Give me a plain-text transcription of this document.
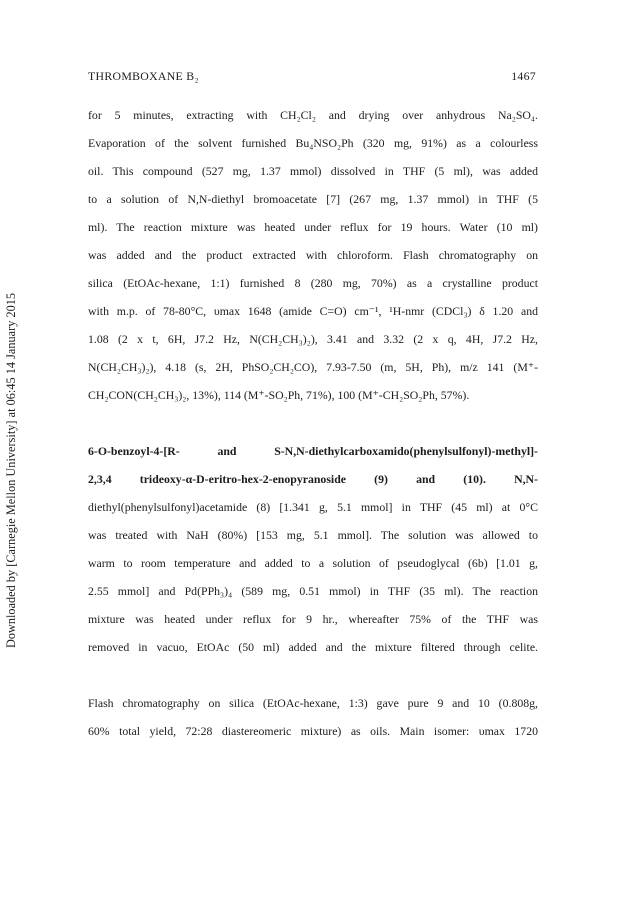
Downloaded by [Carnegie Mellon University] at 06:45 14 January 2015
THROMBOXANE B₂	1467
for 5 minutes, extracting with CH₂Cl₂ and drying over anhydrous Na₂SO₄.
Evaporation of the solvent furnished Bu₄NSO₂Ph (320 mg, 91%) as a colourless
oil. This compound (527 mg, 1.37 mmol) dissolved in THF (5 ml), was added
to a solution of N,N-diethyl bromoacetate [7] (267 mg, 1.37 mmol) in THF (5
ml). The reaction mixture was heated under reflux for 19 hours. Water (10 ml)
was added and the product extracted with chloroform. Flash chromatography on
silica (EtOAc-hexane, 1:1) furnished 8 (280 mg, 70%) as a crystalline product
with m.p. of 78-80°C, υmax 1648 (amide C=O) cm⁻¹, ¹H-nmr (CDCl₃) δ 1.20 and
1.08 (2 x t, 6H, J7.2 Hz, N(CH₂CH₃)₂), 3.41 and 3.32 (2 x q, 4H, J7.2 Hz,
N(CH₂CH₃)₂), 4.18 (s, 2H, PhSO₂CH₂CO), 7.93-7.50 (m, 5H, Ph), m/z 141 (M⁺-
CH₂CON(CH₂CH₃)₂, 13%), 114 (M⁺-SO₂Ph, 71%), 100 (M⁺-CH₂SO₂Ph, 57%).
6-O-benzoyl-4-[R- and S-N,N-diethylcarboxamido(phenylsulfonyl)-methyl]-
2,3,4 trideoxy-α-D-eritro-hex-2-enopyranoside (9) and (10). N,N-
diethyl(phenylsulfonyl)acetamide (8) [1.341 g, 5.1 mmol] in THF (45 ml) at 0°C
was treated with NaH (80%) [153 mg, 5.1 mmol]. The solution was allowed to
warm to room temperature and added to a solution of pseudoglycal (6b) [1.01 g,
2.55 mmol] and Pd(PPh₃)₄ (589 mg, 0.51 mmol) in THF (35 ml). The reaction
mixture was heated under reflux for 9 hr., whereafter 75% of the THF was
removed in vacuo, EtOAc (50 ml) added and the mixture filtered through celite.
Flash chromatography on silica (EtOAc-hexane, 1:3) gave pure 9 and 10 (0.808g,
60% total yield, 72:28 diastereomeric mixture) as oils. Main isomer: υmax 1720
